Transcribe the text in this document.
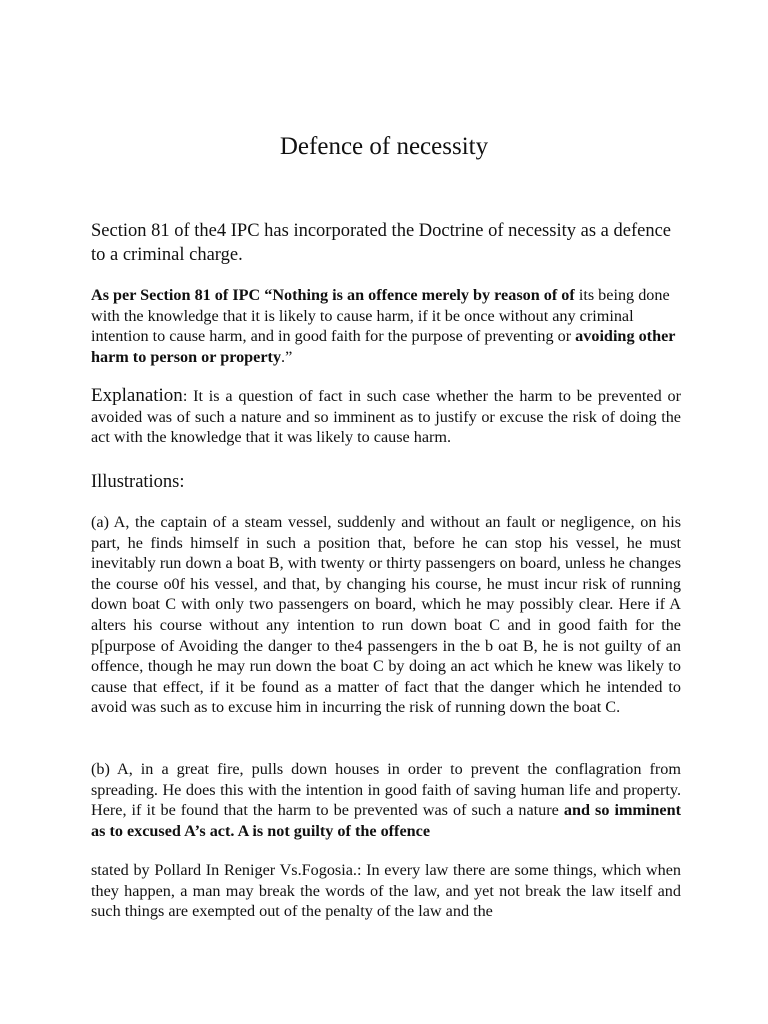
Defence of necessity
Section 81 of the4 IPC has incorporated the Doctrine of necessity as a defence to a criminal charge.
As per Section 81 of IPC “Nothing is an offence merely by reason of of its being done with the knowledge that it is likely to cause harm, if it be once without any criminal intention to cause harm, and in good faith for the purpose of preventing or avoiding other harm to person or property.”
Explanation: It is a question of fact in such case whether the harm to be prevented or avoided was of such a nature and so imminent as to justify or excuse the risk of doing the act with the knowledge that it was likely to cause harm.
Illustrations:
(a) A, the captain of a steam vessel, suddenly and without an fault or negligence, on his part, he finds himself in such a position that, before he can stop his vessel, he must inevitably run down a boat B, with twenty or thirty passengers on board, unless he changes the course o0f his vessel, and that, by changing his course, he must incur risk of running down boat C with only two passengers on board, which he may possibly clear. Here if A alters his course without any intention to run down boat C and in good faith for the p[purpose of Avoiding the danger to the4 passengers in the b oat B, he is not guilty of an offence, though he may run down the boat C by doing an act which he knew was likely to cause that effect, if it be found as a matter of fact that the danger which he intended to avoid was such as to excuse him in incurring the risk of running down the boat C.
(b) A, in a great fire, pulls down houses in order to prevent the conflagration from spreading. He does this with the intention in good faith of saving human life and property. Here, if it be found that the harm to be prevented was of such a nature and so imminent as to excused A’s act. A is not guilty of the offence
stated by Pollard In Reniger Vs.Fogosia.: In every law there are some things, which when they happen, a man may break the words of the law, and yet not break the law itself and such things are exempted out of the penalty of the law and the
